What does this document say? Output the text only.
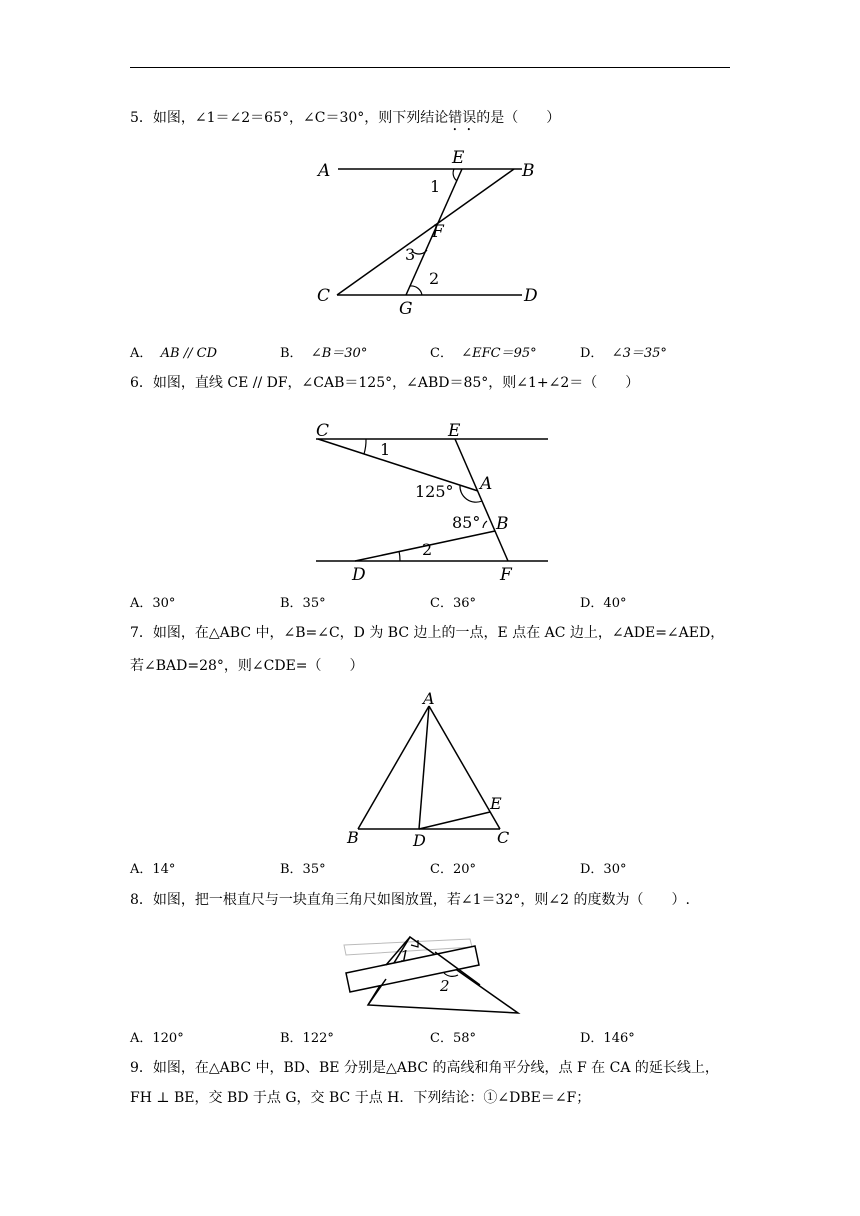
5．如图，∠1＝∠2＝65°，∠C＝30°，则下列结论错误的是（　　）
A
E
B
1
F
3
2
C
G
D
A． AB // CD	B． ∠B＝30°	C． ∠EFC＝95°	D． ∠3＝35°
6．如图，直线 CE // DF，∠CAB＝125°，∠ABD＝85°，则∠1+∠2＝（　　）
C	E
1
125° A
85° B
2
D	F
A．30°	B．35°	C．36°	D．40°
7．如图，在△ABC 中，∠B=∠C，D 为 BC 边上的一点，E 点在 AC 边上，∠ADE=∠AED，
若∠BAD=28°，则∠CDE=（　　）
A
E
B	D	C
A．14°	B．35°	C．20°	D．30°
8．如图，把一根直尺与一块直角三角尺如图放置，若∠1＝32°，则∠2 的度数为（　　）.
1
2
A．120°	B．122°	C．58°	D．146°
9．如图，在△ABC 中，BD、BE 分别是△ABC 的高线和角平分线，点 F 在 CA 的延长线上，
FH ⊥ BE，交 BD 于点 G，交 BC 于点 H．下列结论：①∠DBE＝∠F；
